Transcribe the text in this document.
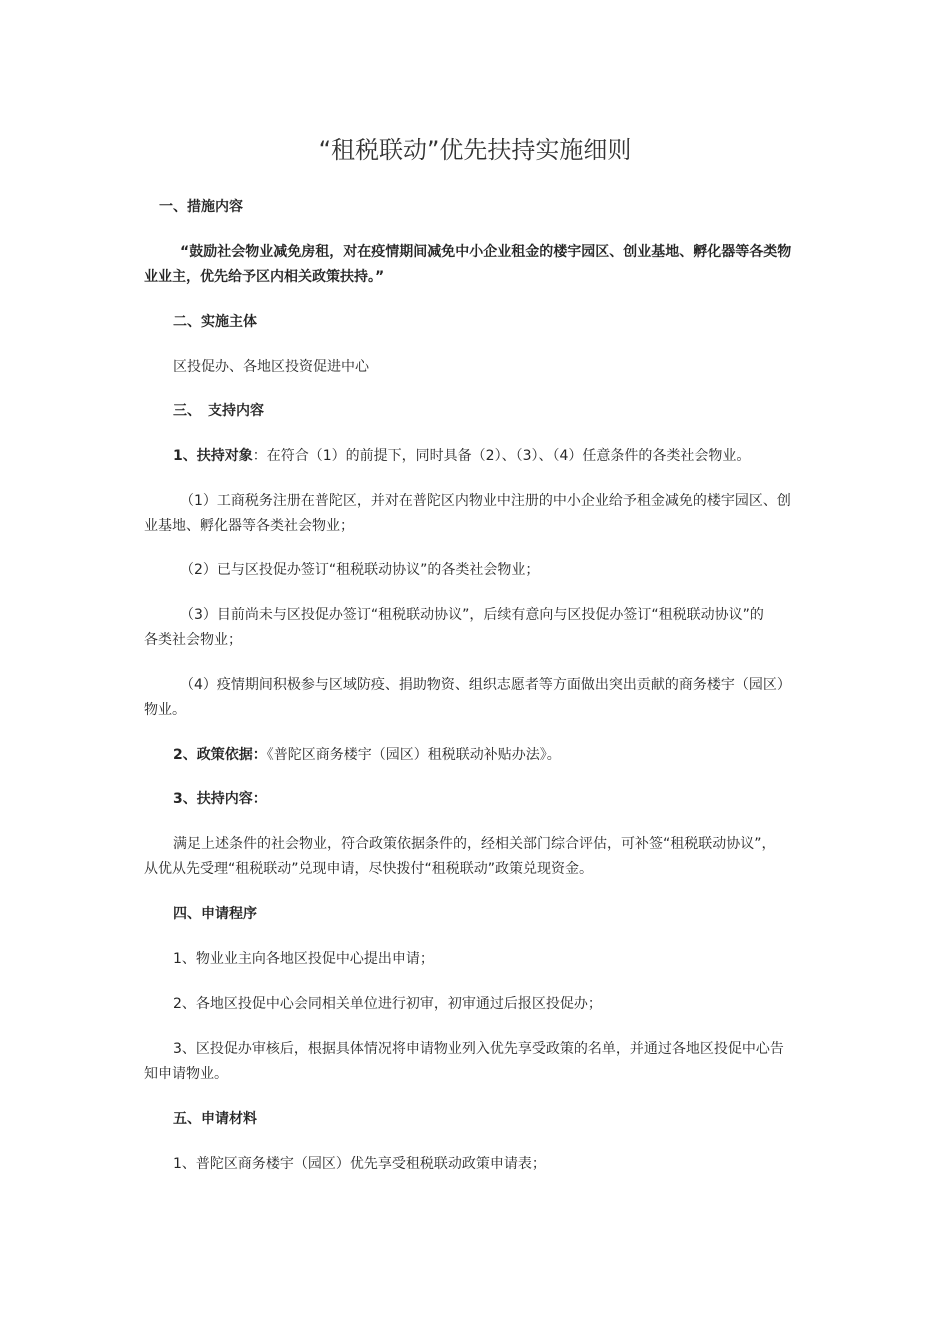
“租税联动”优先扶持实施细则
一、措施内容
“鼓励社会物业减免房租，对在疫情期间减免中小企业租金的楼宇园区、创业基地、孵化器等各类物
业业主，优先给予区内相关政策扶持。”
二、实施主体
区投促办、各地区投资促进中心
三、　支持内容
1、扶持对象：在符合（1）的前提下，同时具备（2）、（3）、（4）任意条件的各类社会物业。
（1）工商税务注册在普陀区，并对在普陀区内物业中注册的中小企业给予租金减免的楼宇园区、创
业基地、孵化器等各类社会物业；
（2）已与区投促办签订“租税联动协议”的各类社会物业；
（3）目前尚未与区投促办签订“租税联动协议”，后续有意向与区投促办签订“租税联动协议”的
各类社会物业；
（4）疫情期间积极参与区域防疫、捐助物资、组织志愿者等方面做出突出贡献的商务楼宇（园区）
物业。
2、政策依据：《普陀区商务楼宇（园区）租税联动补贴办法》。
3、扶持内容：
满足上述条件的社会物业，符合政策依据条件的，经相关部门综合评估，可补签“租税联动协议”，
从优从先受理“租税联动”兑现申请，尽快拨付“租税联动”政策兑现资金。
四、申请程序
1、物业业主向各地区投促中心提出申请；
2、各地区投促中心会同相关单位进行初审，初审通过后报区投促办；
3、区投促办审核后，根据具体情况将申请物业列入优先享受政策的名单，并通过各地区投促中心告
知申请物业。
五、申请材料
1、普陀区商务楼宇（园区）优先享受租税联动政策申请表；
